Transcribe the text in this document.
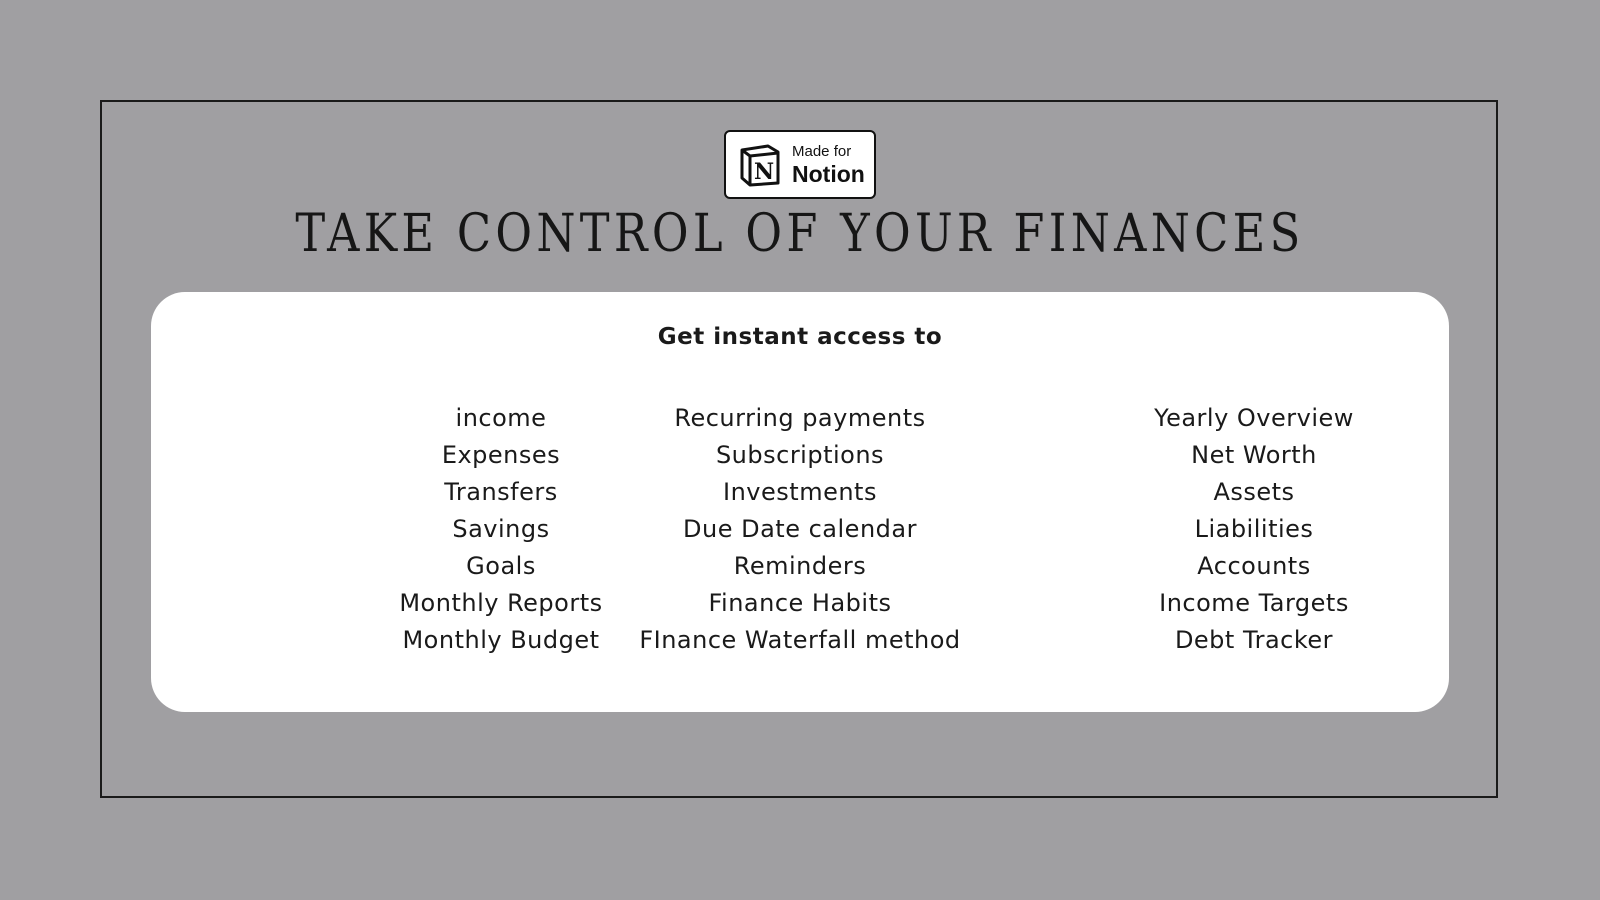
N
Made for
Notion
TAKE CONTROL OF YOUR FINANCES
Get instant access to
income
Expenses
Transfers
Savings
Goals
Monthly Reports
Monthly Budget
Recurring payments
Subscriptions
Investments
Due Date calendar
Reminders
Finance Habits
FInance Waterfall method
Yearly Overview
Net Worth
Assets
Liabilities
Accounts
Income Targets
Debt Tracker
